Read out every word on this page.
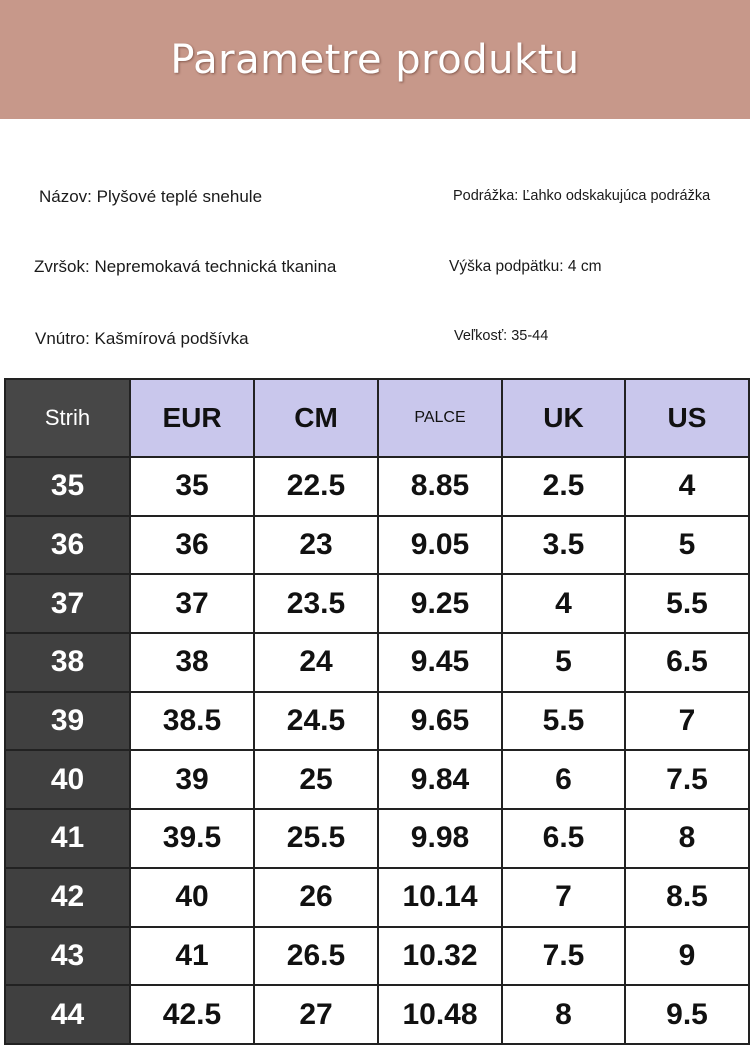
Parametre produktu
Názov: Plyšové teplé snehule	Podrážka: Ľahko odskakujúca podrážka
Zvršok: Nepremokavá technická tkanina	Výška podpätku: 4 cm
Vnútro: Kašmírová podšívka	Veľkosť: 35-44
Strih	EUR	CM	PALCE	UK	US
35	35	22.5	8.85	2.5	4
36	36	23	9.05	3.5	5
37	37	23.5	9.25	4	5.5
38	38	24	9.45	5	6.5
39	38.5	24.5	9.65	5.5	7
40	39	25	9.84	6	7.5
41	39.5	25.5	9.98	6.5	8
42	40	26	10.14	7	8.5
43	41	26.5	10.32	7.5	9
44	42.5	27	10.48	8	9.5
